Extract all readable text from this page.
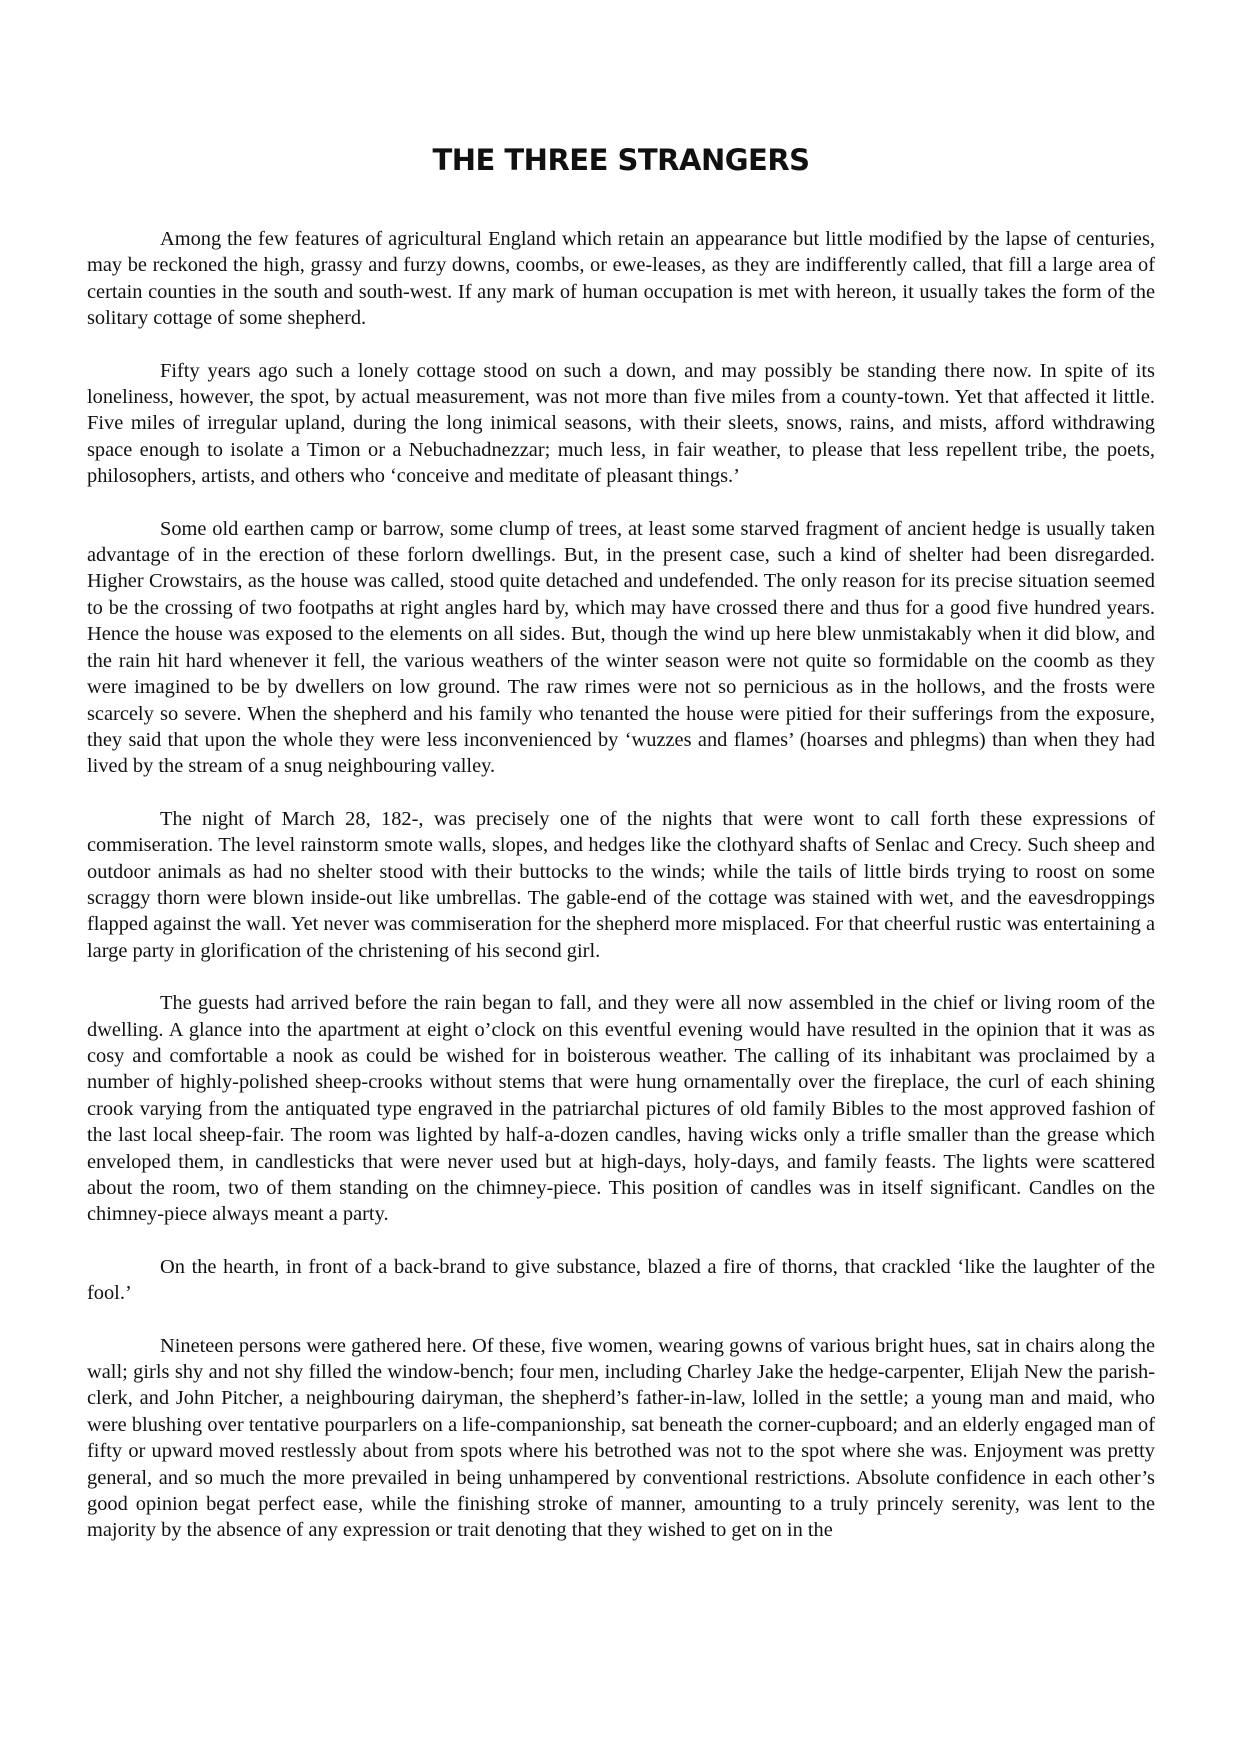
THE THREE STRANGERS

Among the few features of agricultural England which retain an appearance but little modified by the lapse of centuries, may be reckoned the high, grassy and furzy downs, coombs, or ewe-leases, as they are indifferently called, that fill a large area of certain counties in the south and south-west. If any mark of human occupation is met with hereon, it usually takes the form of the solitary cottage of some shepherd.

Fifty years ago such a lonely cottage stood on such a down, and may possibly be standing there now. In spite of its loneliness, however, the spot, by actual measurement, was not more than five miles from a county-town. Yet that affected it little. Five miles of irregular upland, during the long inimical seasons, with their sleets, snows, rains, and mists, afford withdrawing space enough to isolate a Timon or a Nebuchadnezzar; much less, in fair weather, to please that less repellent tribe, the poets, philosophers, artists, and others who ‘conceive and meditate of pleasant things.’

Some old earthen camp or barrow, some clump of trees, at least some starved fragment of ancient hedge is usually taken advantage of in the erection of these forlorn dwellings. But, in the present case, such a kind of shelter had been disregarded. Higher Crowstairs, as the house was called, stood quite detached and undefended. The only reason for its precise situation seemed to be the crossing of two footpaths at right angles hard by, which may have crossed there and thus for a good five hundred years. Hence the house was exposed to the elements on all sides. But, though the wind up here blew unmistakably when it did blow, and the rain hit hard whenever it fell, the various weathers of the winter season were not quite so formidable on the coomb as they were imagined to be by dwellers on low ground. The raw rimes were not so pernicious as in the hollows, and the frosts were scarcely so severe. When the shepherd and his family who tenanted the house were pitied for their sufferings from the exposure, they said that upon the whole they were less inconvenienced by ‘wuzzes and flames’ (hoarses and phlegms) than when they had lived by the stream of a snug neighbouring valley.

The night of March 28, 182-, was precisely one of the nights that were wont to call forth these expressions of commiseration. The level rainstorm smote walls, slopes, and hedges like the clothyard shafts of Senlac and Crecy. Such sheep and outdoor animals as had no shelter stood with their buttocks to the winds; while the tails of little birds trying to roost on some scraggy thorn were blown inside-out like umbrellas. The gable-end of the cottage was stained with wet, and the eavesdroppings flapped against the wall. Yet never was commiseration for the shepherd more misplaced. For that cheerful rustic was entertaining a large party in glorification of the christening of his second girl.

The guests had arrived before the rain began to fall, and they were all now assembled in the chief or living room of the dwelling. A glance into the apartment at eight o’clock on this eventful evening would have resulted in the opinion that it was as cosy and comfortable a nook as could be wished for in boisterous weather. The calling of its inhabitant was proclaimed by a number of highly-polished sheep-crooks without stems that were hung ornamentally over the fireplace, the curl of each shining crook varying from the antiquated type engraved in the patriarchal pictures of old family Bibles to the most approved fashion of the last local sheep-fair. The room was lighted by half-a-dozen candles, having wicks only a trifle smaller than the grease which enveloped them, in candlesticks that were never used but at high-days, holy-days, and family feasts. The lights were scattered about the room, two of them standing on the chimney-piece. This position of candles was in itself significant. Candles on the chimney-piece always meant a party.

On the hearth, in front of a back-brand to give substance, blazed a fire of thorns, that crackled ‘like the laughter of the fool.’

Nineteen persons were gathered here. Of these, five women, wearing gowns of various bright hues, sat in chairs along the wall; girls shy and not shy filled the window-bench; four men, including Charley Jake the hedge-carpenter, Elijah New the parish-clerk, and John Pitcher, a neighbouring dairyman, the shepherd’s father-in-law, lolled in the settle; a young man and maid, who were blushing over tentative pourparlers on a life-companionship, sat beneath the corner-cupboard; and an elderly engaged man of fifty or upward moved restlessly about from spots where his betrothed was not to the spot where she was. Enjoyment was pretty general, and so much the more prevailed in being unhampered by conventional restrictions. Absolute confidence in each other’s good opinion begat perfect ease, while the finishing stroke of manner, amounting to a truly princely serenity, was lent to the majority by the absence of any expression or trait denoting that they wished to get on in the
